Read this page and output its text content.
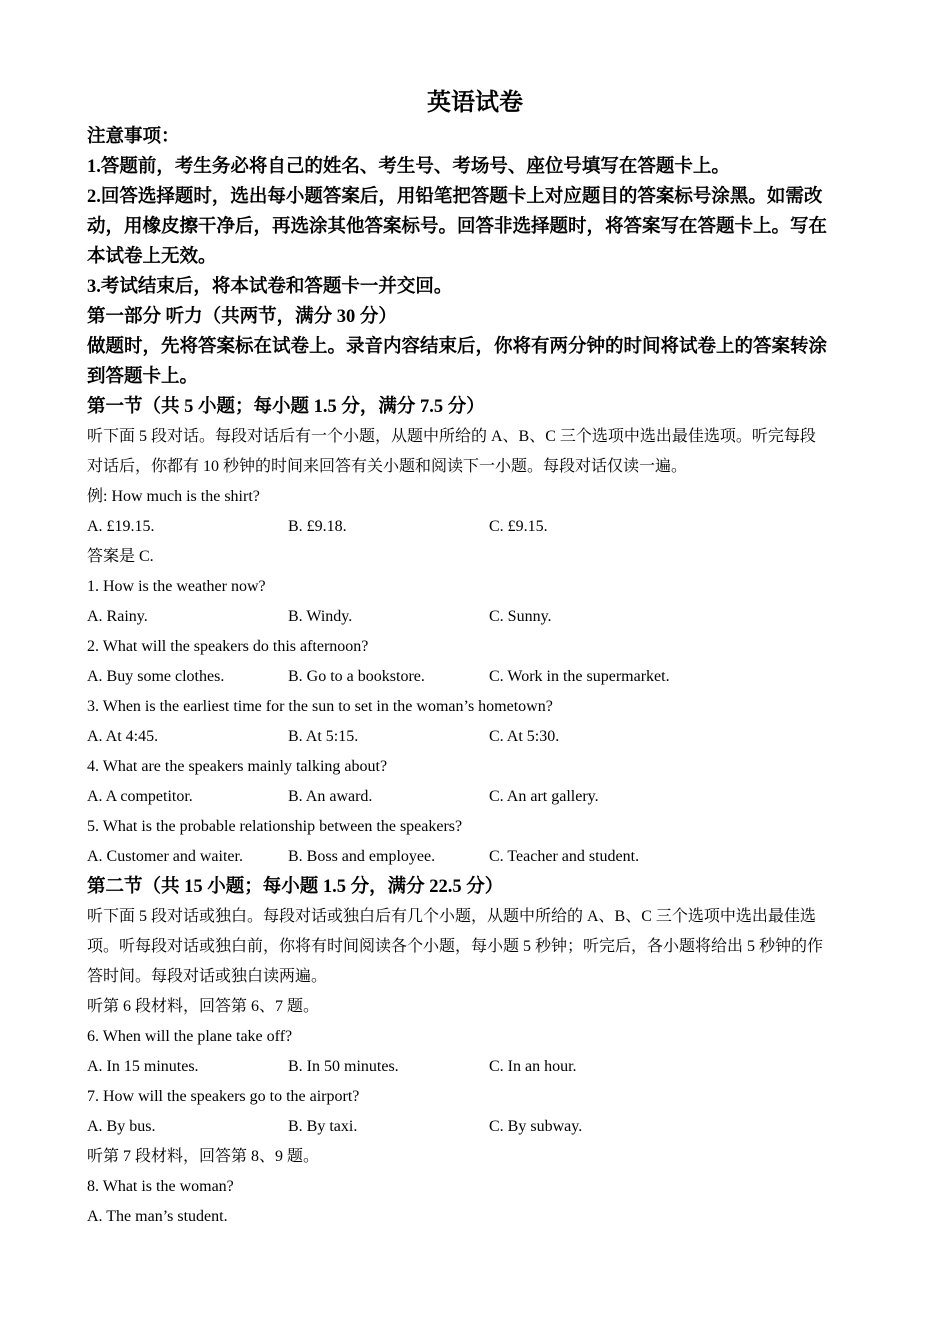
英语试卷

注意事项：

1.答题前，考生务必将自己的姓名、考生号、考场号、座位号填写在答题卡上。

2.回答选择题时，选出每小题答案后，用铅笔把答题卡上对应题目的答案标号涂黑。如需改

动，用橡皮擦干净后，再选涂其他答案标号。回答非选择题时，将答案写在答题卡上。写在

本试卷上无效。

3.考试结束后，将本试卷和答题卡一并交回。

第一部分 听力（共两节，满分 30 分）

做题时，先将答案标在试卷上。录音内容结束后，你将有两分钟的时间将试卷上的答案转涂

到答题卡上。

第一节（共 5 小题；每小题 1.5 分，满分 7.5 分）

听下面 5 段对话。每段对话后有一个小题，从题中所给的 A、B、C 三个选项中选出最佳选项。听完每段

对话后，你都有 10 秒钟的时间来回答有关小题和阅读下一小题。每段对话仅读一遍。

例: How much is the shirt?

A. £19.15.	B. £9.18.	C. £9.15.

答案是 C.

1. How is the weather now?

A. Rainy.	B. Windy.	C. Sunny.

2. What will the speakers do this afternoon?

A. Buy some clothes.	B. Go to a bookstore.	C. Work in the supermarket.

3. When is the earliest time for the sun to set in the woman’s hometown?

A. At 4:45.	B. At 5:15.	C. At 5:30.

4. What are the speakers mainly talking about?

A. A competitor.	B. An award.	C. An art gallery.

5. What is the probable relationship between the speakers?

A. Customer and waiter.	B. Boss and employee.	C. Teacher and student.

第二节（共 15 小题；每小题 1.5 分，满分 22.5 分）

听下面 5 段对话或独白。每段对话或独白后有几个小题，从题中所给的 A、B、C 三个选项中选出最佳选

项。听每段对话或独白前，你将有时间阅读各个小题，每小题 5 秒钟；听完后，各小题将给出 5 秒钟的作

答时间。每段对话或独白读两遍。

听第 6 段材料，回答第 6、7 题。

6. When will the plane take off?

A. In 15 minutes.	B. In 50 minutes.	C. In an hour.

7. How will the speakers go to the airport?

A. By bus.	B. By taxi.	C. By subway.

听第 7 段材料，回答第 8、9 题。

8. What is the woman?

A. The man’s student.
